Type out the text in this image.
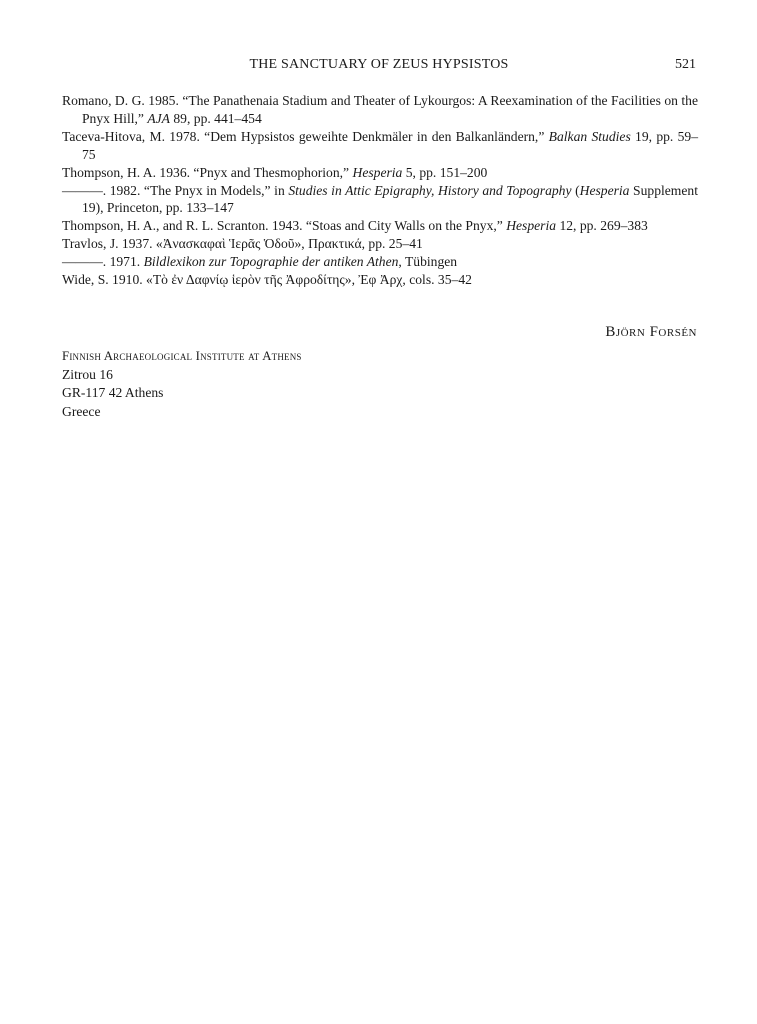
THE SANCTUARY OF ZEUS HYPSISTOS	521
Romano, D. G. 1985. “The Panathenaia Stadium and Theater of Lykourgos: A Reexamination of the Facilities on the Pnyx Hill,” AJA 89, pp. 441–454
Taceva-Hitova, M. 1978. “Dem Hypsistos geweihte Denkmäler in den Balkanländern,” Balkan Studies 19, pp. 59–75
Thompson, H. A. 1936. “Pnyx and Thesmophorion,” Hesperia 5, pp. 151–200
———. 1982. “The Pnyx in Models,” in Studies in Attic Epigraphy, History and Topography (Hesperia Supplement 19), Princeton, pp. 133–147
Thompson, H. A., and R. L. Scranton. 1943. “Stoas and City Walls on the Pnyx,” Hesperia 12, pp. 269–383
Travlos, J. 1937. «Ἀνασκαφαὶ Ἱερᾶς Ὁδοῦ», Πρακτικά, pp. 25–41
———. 1971. Bildlexikon zur Topographie der antiken Athen, Tübingen
Wide, S. 1910. «Τὸ ἐν Δαφνίῳ ἱερὸν τῆς Ἀφροδίτης», Ἐφ Ἀρχ, cols. 35–42
Björn Forsén
Finnish Archaeological Institute at Athens
Zitrou 16
GR-117 42 Athens
Greece
